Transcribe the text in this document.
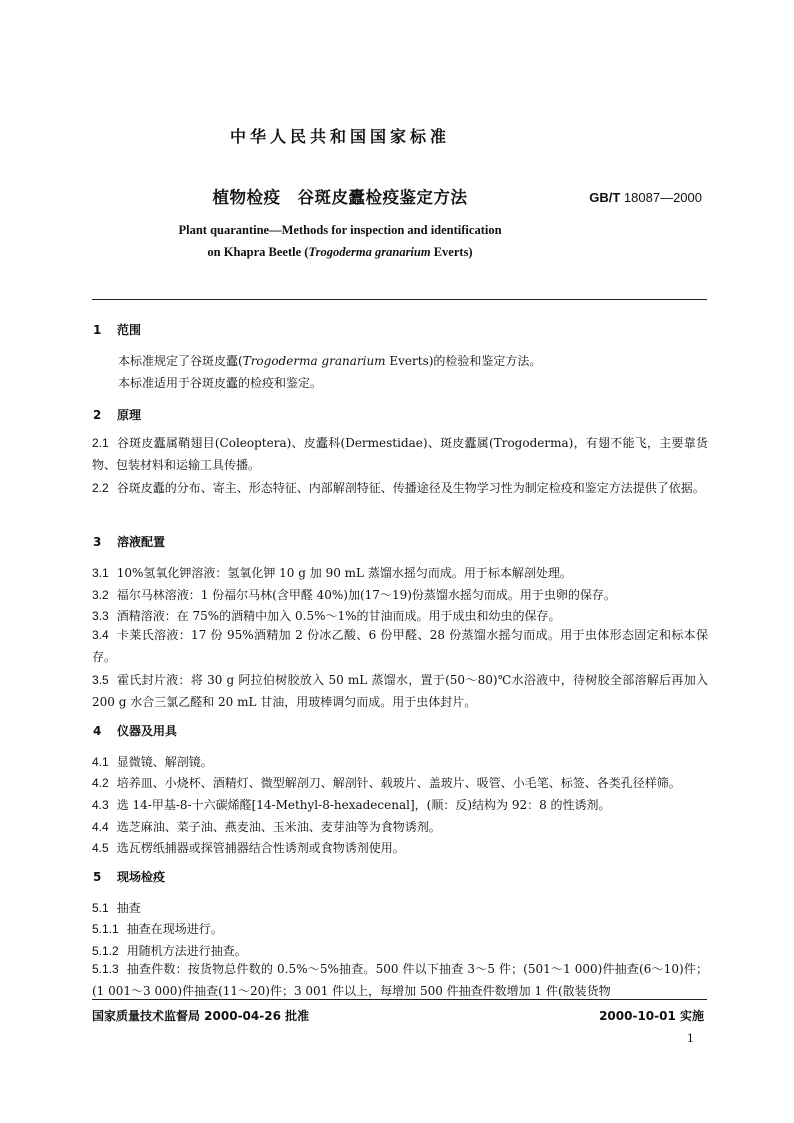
中华人民共和国国家标准
植物检疫　谷斑皮蠹检疫鉴定方法	GB/T 18087—2000
Plant quarantine—Methods for inspection and identification
on Khapra Beetle (Trogoderma granarium Everts)
1 范围
本标准规定了谷斑皮蠹(Trogoderma granarium Everts)的检验和鉴定方法。
本标准适用于谷斑皮蠹的检疫和鉴定。
2 原理
2.1 谷斑皮蠹属鞘翅目(Coleoptera)、皮蠹科(Dermestidae)、斑皮蠹属(Trogoderma)，有翅不能飞，主要靠货物、包装材料和运输工具传播。
2.2 谷斑皮蠹的分布、寄主、形态特征、内部解剖特征、传播途径及生物学习性为制定检疫和鉴定方法提供了依据。
3 溶液配置
3.1 10%氢氧化钾溶液：氢氧化钾 10 g 加 90 mL 蒸馏水摇匀而成。用于标本解剖处理。
3.2 福尔马林溶液：1 份福尔马林(含甲醛 40%)加(17～19)份蒸馏水摇匀而成。用于虫卵的保存。
3.3 酒精溶液：在 75%的酒精中加入 0.5%～1%的甘油而成。用于成虫和幼虫的保存。
3.4 卡莱氏溶液：17 份 95%酒精加 2 份冰乙酸、6 份甲醛、28 份蒸馏水摇匀而成。用于虫体形态固定和标本保存。
3.5 霍氏封片液：将 30 g 阿拉伯树胶放入 50 mL 蒸馏水，置于(50～80)℃水浴液中，待树胶全部溶解后再加入 200 g 水合三氯乙醛和 20 mL 甘油，用玻棒调匀而成。用于虫体封片。
4 仪器及用具
4.1 显微镜、解剖镜。
4.2 培养皿、小烧杯、酒精灯、微型解剖刀、解剖针、载玻片、盖玻片、吸管、小毛笔、标签、各类孔径样筛。
4.3 选 14-甲基-8-十六碳烯醛[14-Methyl-8-hexadecenal]，(顺：反)结构为 92：8 的性诱剂。
4.4 选芝麻油、菜子油、燕麦油、玉米油、麦芽油等为食物诱剂。
4.5 选瓦楞纸捕器或探管捕器结合性诱剂或食物诱剂使用。
5 现场检疫
5.1 抽查
5.1.1 抽查在现场进行。
5.1.2 用随机方法进行抽查。
5.1.3 抽查件数：按货物总件数的 0.5%～5%抽查。500 件以下抽查 3～5 件；(501～1 000)件抽查(6～10)件；(1 001～3 000)件抽查(11～20)件；3 001 件以上，每增加 500 件抽查件数增加 1 件(散装货物
国家质量技术监督局 2000-04-26 批准	2000-10-01 实施
1
